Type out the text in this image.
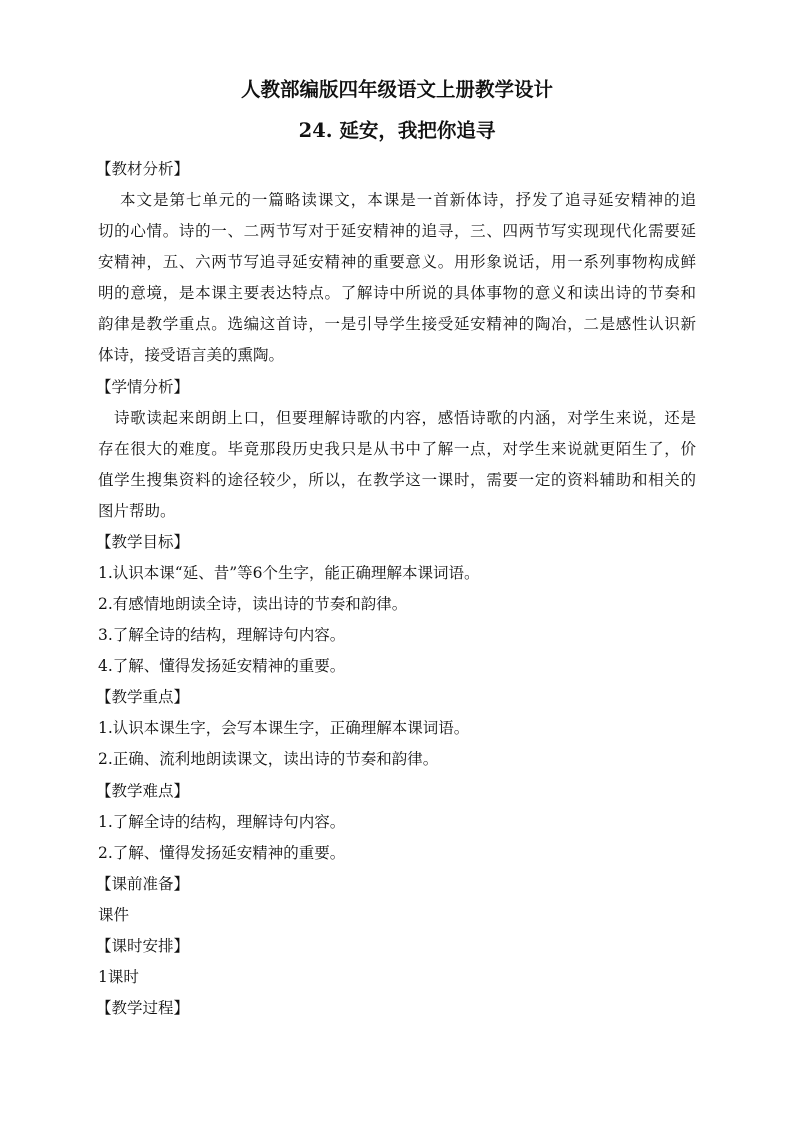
人教部编版四年级语文上册教学设计
24. 延安，我把你追寻
【教材分析】
本文是第七单元的一篇略读课文，本课是一首新体诗，抒发了追寻延安精神的追
切的心情。诗的一、二两节写对于延安精神的追寻，三、四两节写实现现代化需要延
安精神，五、六两节写追寻延安精神的重要意义。用形象说话，用一系列事物构成鲜
明的意境，是本课主要表达特点。了解诗中所说的具体事物的意义和读出诗的节奏和
韵律是教学重点。选编这首诗，一是引导学生接受延安精神的陶冶，二是感性认识新
体诗，接受语言美的熏陶。
【学情分析】
诗歌读起来朗朗上口，但要理解诗歌的内容，感悟诗歌的内涵，对学生来说，还是
存在很大的难度。毕竟那段历史我只是从书中了解一点，对学生来说就更陌生了，价
值学生搜集资料的途径较少，所以，在教学这一课时，需要一定的资料辅助和相关的
图片帮助。
【教学目标】
1.认识本课“延、昔”等6个生字，能正确理解本课词语。
2.有感情地朗读全诗，读出诗的节奏和韵律。
3.了解全诗的结构，理解诗句内容。
4.了解、懂得发扬延安精神的重要。
【教学重点】
1.认识本课生字，会写本课生字，正确理解本课词语。
2.正确、流利地朗读课文，读出诗的节奏和韵律。
【教学难点】
1.了解全诗的结构，理解诗句内容。
2.了解、懂得发扬延安精神的重要。
【课前准备】
课件
【课时安排】
1课时
【教学过程】
